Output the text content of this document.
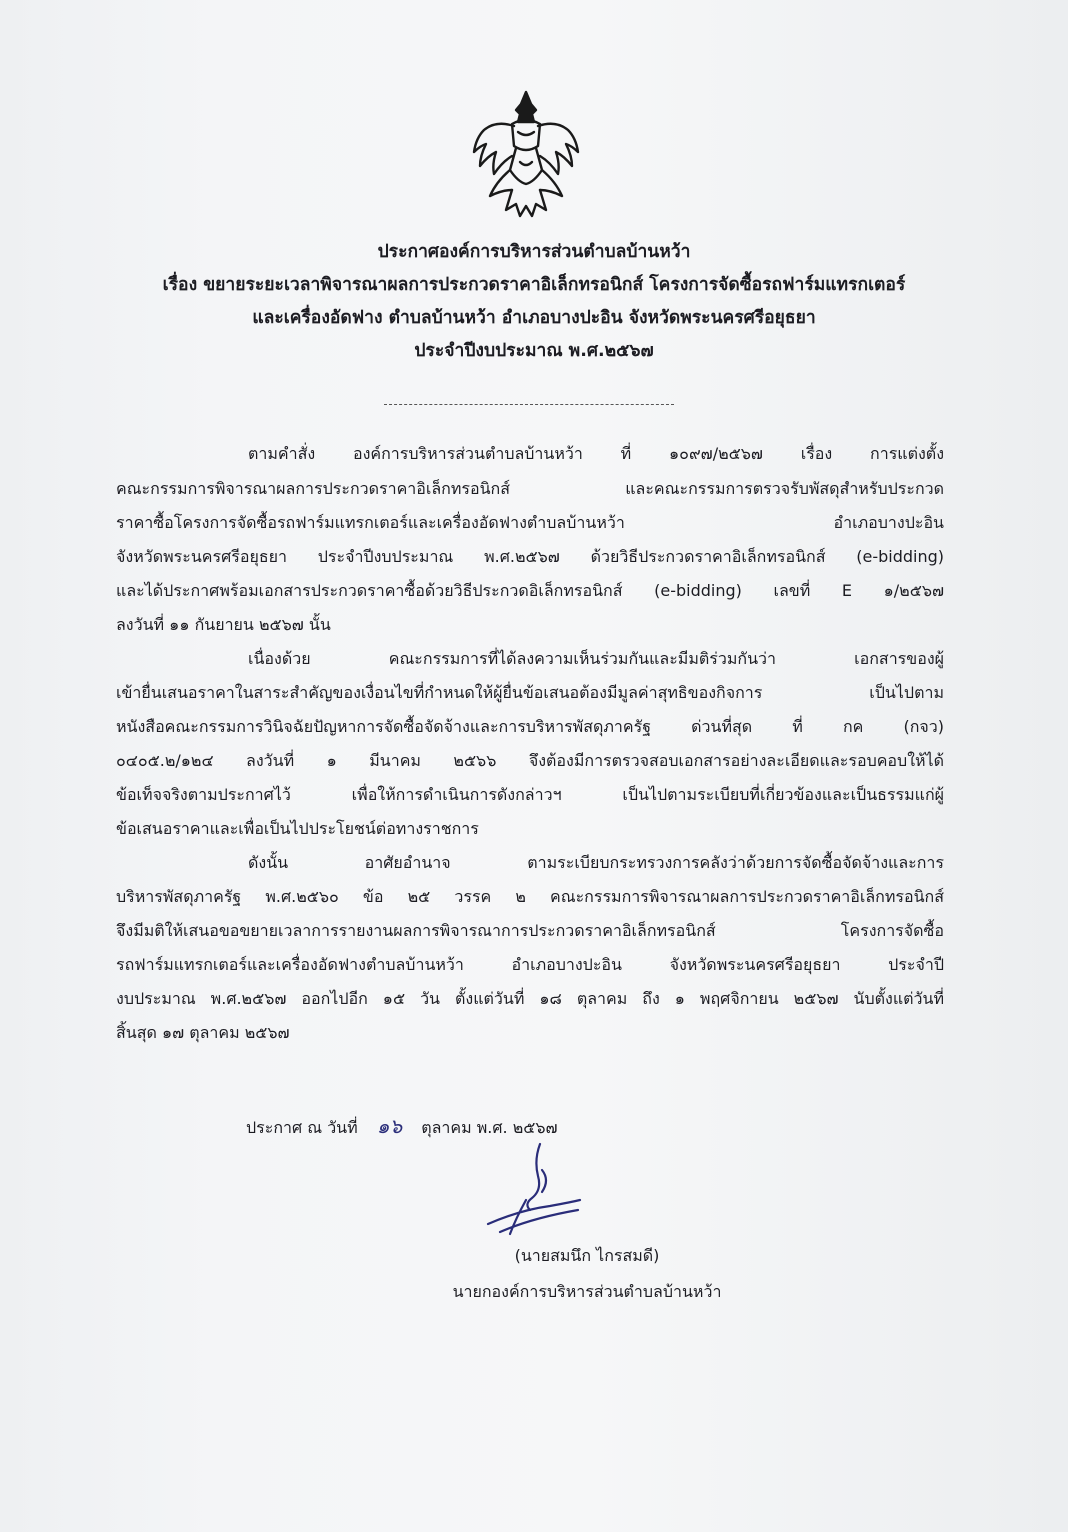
ประกาศองค์การบริหารส่วนตำบลบ้านหว้า
เรื่อง ขยายระยะเวลาพิจารณาผลการประกวดราคาอิเล็กทรอนิกส์ โครงการจัดซื้อรถฟาร์มแทรกเตอร์
และเครื่องอัดฟาง ตำบลบ้านหว้า อำเภอบางปะอิน จังหวัดพระนครศรีอยุธยา
ประจำปีงบประมาณ พ.ศ.๒๕๖๗
ตามคำสั่ง องค์การบริหารส่วนตำบลบ้านหว้า ที่ ๑๐๙๗/๒๕๖๗ เรื่อง การแต่งตั้ง
คณะกรรมการพิจารณาผลการประกวดราคาอิเล็กทรอนิกส์ และคณะกรรมการตรวจรับพัสดุสำหรับประกวด
ราคาซื้อโครงการจัดซื้อรถฟาร์มแทรกเตอร์และเครื่องอัดฟางตำบลบ้านหว้า อำเภอบางปะอิน
จังหวัดพระนครศรีอยุธยา ประจำปีงบประมาณ พ.ศ.๒๕๖๗ ด้วยวิธีประกวดราคาอิเล็กทรอนิกส์ (e-bidding)
และได้ประกาศพร้อมเอกสารประกวดราคาซื้อด้วยวิธีประกวดอิเล็กทรอนิกส์ (e-bidding) เลขที่ E ๑/๒๕๖๗
ลงวันที่ ๑๑ กันยายน ๒๕๖๗ นั้น
เนื่องด้วย คณะกรรมการที่ได้ลงความเห็นร่วมกันและมีมติร่วมกันว่า เอกสารของผู้
เข้ายื่นเสนอราคาในสาระสำคัญของเงื่อนไขที่กำหนดให้ผู้ยื่นข้อเสนอต้องมีมูลค่าสุทธิของกิจการ เป็นไปตาม
หนังสือคณะกรรมการวินิจฉัยปัญหาการจัดซื้อจัดจ้างและการบริหารพัสดุภาครัฐ ด่วนที่สุด ที่ กค (กจว)
๐๔๐๕.๒/๑๒๔ ลงวันที่ ๑ มีนาคม ๒๕๖๖ จึงต้องมีการตรวจสอบเอกสารอย่างละเอียดและรอบคอบให้ได้
ข้อเท็จจริงตามประกาศไว้ เพื่อให้การดำเนินการดังกล่าวฯ เป็นไปตามระเบียบที่เกี่ยวข้องและเป็นธรรมแก่ผู้
ข้อเสนอราคาและเพื่อเป็นไปประโยชน์ต่อทางราชการ
ดังนั้น อาศัยอำนาจ ตามระเบียบกระทรวงการคลังว่าด้วยการจัดซื้อจัดจ้างและการ
บริหารพัสดุภาครัฐ พ.ศ.๒๕๖๐ ข้อ ๒๕ วรรค ๒ คณะกรรมการพิจารณาผลการประกวดราคาอิเล็กทรอนิกส์
จึงมีมติให้เสนอขอขยายเวลาการรายงานผลการพิจารณาการประกวดราคาอิเล็กทรอนิกส์ โครงการจัดซื้อ
รถฟาร์มแทรกเตอร์และเครื่องอัดฟางตำบลบ้านหว้า อำเภอบางปะอิน จังหวัดพระนครศรีอยุธยา ประจำปี
งบประมาณ พ.ศ.๒๕๖๗ ออกไปอีก ๑๕ วัน ตั้งแต่วันที่ ๑๘ ตุลาคม ถึง ๑ พฤศจิกายน ๒๕๖๗ นับตั้งแต่วันที่
สิ้นสุด ๑๗ ตุลาคม ๒๕๖๗
ประกาศ ณ วันที่ ๑๖ ตุลาคม พ.ศ. ๒๕๖๗
(นายสมนึก ไกรสมดี)
นายกองค์การบริหารส่วนตำบลบ้านหว้า
